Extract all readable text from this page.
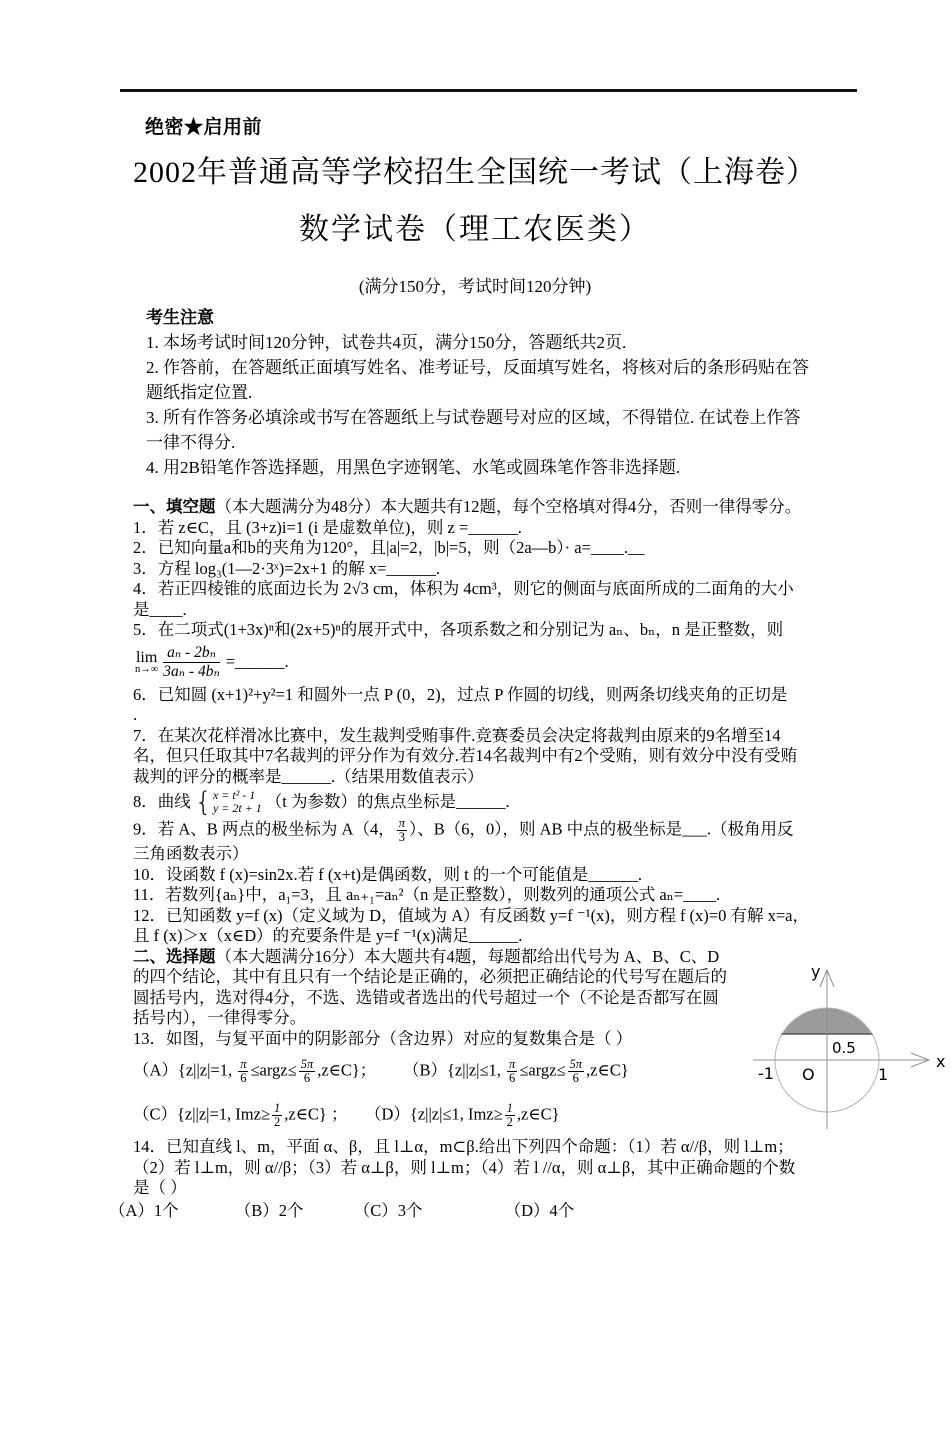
绝密★启用前
2002年普通高等学校招生全国统一考试（上海卷）
数学试卷（理工农医类）
(满分150分，考试时间120分钟)
考生注意
1. 本场考试时间120分钟，试卷共4页，满分150分，答题纸共2页.
2. 作答前，在答题纸正面填写姓名、准考证号，反面填写姓名，将核对后的条形码贴在答题纸指定位置.
3. 所有作答务必填涂或书写在答题纸上与试卷题号对应的区域，不得错位. 在试卷上作答一律不得分.
4. 用2B铅笔作答选择题，用黑色字迹钢笔、水笔或圆珠笔作答非选择题.

一、填空题（本大题满分为48分）本大题共有12题，每个空格填对得4分，否则一律得零分。

1．若 z∈C，且 (3+z)i=1 (i 是虚数单位)，则 z =______.

2．已知向量a和b的夹角为120°，且|a|=2，|b|=5，则（2a—b）· a=____.__

3．方程 log₃(1—2·3ˣ)=2x+1 的解 x=______.

4．若正四棱锥的底面边长为 2√3 cm，体积为 4cm³，则它的侧面与底面所成的二面角的大小是____.

5．在二项式(1+3x)ⁿ和(2x+5)ⁿ的展开式中，各项系数之和分别记为 aₙ、bₙ，n 是正整数，则

lim
$n\to\infty \frac{\text{aₙ - 2bₙ}}{\text{3aₙ - 4bₙ}}$ =______.

6．已知圆 (x+1)²+y²=1 和圆外一点 P (0，2)，过点 P 作圆的切线，则两条切线夹角的正切是

.

7．在某次花样滑冰比赛中，发生裁判受贿事件.竞赛委员会决定将裁判由原来的9名增至14名，但只任取其中7名裁判的评分作为有效分.若14名裁判中有2个受贿，则有效分中没有受贿裁判的评分的概率是______.（结果用数值表示）

8．曲线 { x = t² - 1
y = 2t + 1 （t 为参数）的焦点坐标是______.

9．若 A、B 两点的极坐标为 A（4， $\frac{\pi}{3}$ ）、B（6，0），则 AB 中点的极坐标是___.（极角用反三角函数表示）

10．设函数 f (x)=sin2x.若 f (x+t)是偶函数，则 t 的一个可能值是______.

11．若数列{aₙ}中，a₁=3，且 aₙ₊₁=aₙ²（n 是正整数），则数列的通项公式 aₙ=____.

12．已知函数 y=f (x)（定义域为 D，值域为 A）有反函数 y=f ⁻¹(x)，则方程 f (x)=0 有解 x=a，且 f (x)＞x（x∈D）的充要条件是 y=f ⁻¹(x)满足______.

y
x
O
-1	1
0.5

二、选择题（本大题满分16分）本大题共有4题，每题都给出代号为 A、B、C、D 的四个结论，其中有且只有一个结论是正确的，必须把正确结论的代号写在题后的圆括号内，选对得4分，不选、选错或者选出的代号超过一个（不论是否都写在圆括号内），一律得零分。

13．如图，与复平面中的阴影部分（含边界）对应的复数集合是（ ）

（A）{z||z|=1, $\frac{\pi}{6}$ ≤argz≤ $\frac{5\pi}{6}$ ,z∈C}；	（B）{z||z|≤1, $\frac{\pi}{6}$ ≤argz≤ $\frac{5\pi}{6}$ ,z∈C}
（C）{z||z|=1, $Imz\ge \frac{1}{2}$ ,z∈C} ；	（D）{z||z|≤1, $Imz\ge \frac{1}{2}$ ,z∈C}

14．已知直线 l、m，平面 α、β，且 l⊥α，m⊂β.给出下列四个命题：（1）若 α//β，则 l⊥m；（2）若 l⊥m，则 α//β；（3）若 α⊥β，则 l⊥m；（4）若 l //α，则 α⊥β，其中正确命题的个数是（ ）

（A）1个	（B）2个	（C）3个	（D）4个
